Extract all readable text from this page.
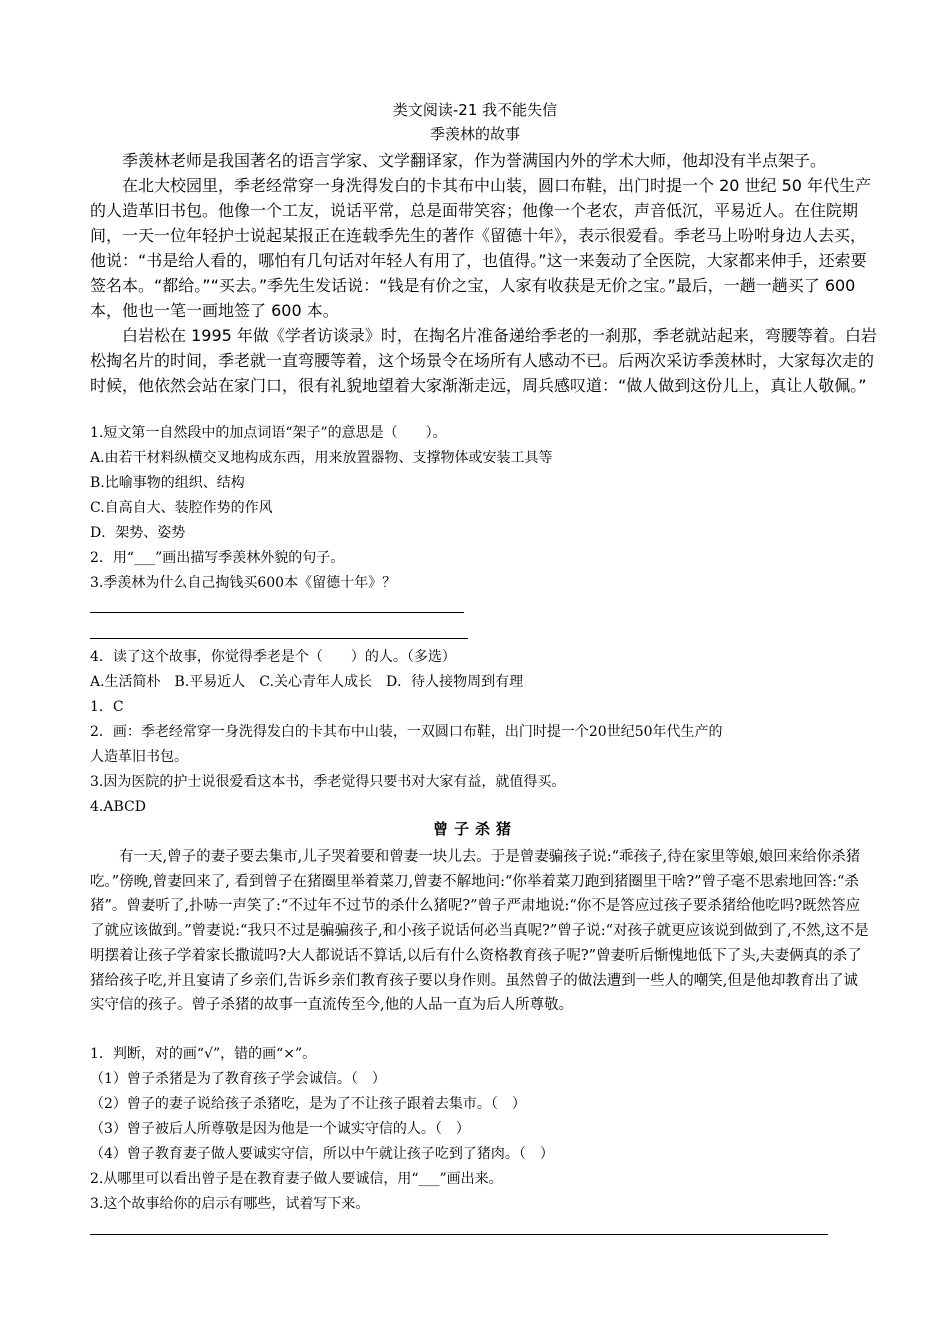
类文阅读-21 我不能失信
季羡林的故事

季羡林老师是我国著名的语言学家、文学翻译家，作为誉满国内外的学术大师，他却没有半点架子。

在北大校园里，季老经常穿一身洗得发白的卡其布中山装，圆口布鞋，出门时提一个 20 世纪 50 年代生产的人造革旧书包。他像一个工友，说话平常，总是面带笑容；他像一个老农，声音低沉，平易近人。在住院期间，一天一位年轻护士说起某报正在连载季先生的著作《留德十年》，表示很爱看。季老马上吩咐身边人去买，他说：“书是给人看的，哪怕有几句话对年轻人有用了，也值得。”这一来轰动了全医院，大家都来伸手，还索要签名本。“都给。”“买去。”季先生发话说：“钱是有价之宝，人家有收获是无价之宝。”最后，一趟一趟买了 600 本，他也一笔一画地签了 600 本。

白岩松在 1995 年做《学者访谈录》时，在掏名片准备递给季老的一刹那，季老就站起来，弯腰等着。白岩松掏名片的时间，季老就一直弯腰等着，这个场景令在场所有人感动不已。后两次采访季羡林时，大家每次走的时候，他依然会站在家门口，很有礼貌地望着大家渐渐走远，周兵感叹道：“做人做到这份儿上，真让人敬佩。”

1.短文第一自然段中的加点词语“架子”的意思是（　　）。
A.由若干材料纵横交叉地构成东西，用来放置器物、支撑物体或安装工具等
B.比喻事物的组织、结构
C.自高自大、装腔作势的作风
D．架势、姿势
2．用“___”画出描写季羡林外貌的句子。
3.季羡林为什么自己掏钱买600本《留德十年》？
4．读了这个故事，你觉得季老是个（　　）的人。（多选）
A.生活简朴　B.平易近人　C.关心青年人成长　D．待人接物周到有理
1．C
2．画：季老经常穿一身洗得发白的卡其布中山装，一双圆口布鞋，出门时提一个20世纪50年代生产的
人造革旧书包。
3.因为医院的护士说很爱看这本书，季老觉得只要书对大家有益，就值得买。
4.ABCD
曾子杀猪

有一天,曾子的妻子要去集市,儿子哭着要和曾妻一块儿去。于是曾妻骗孩子说:“乖孩子,待在家里等娘,娘回来给你杀猪吃。”傍晚,曾妻回来了, 看到曾子在猪圈里举着菜刀,曾妻不解地问:“你举着菜刀跑到猪圈里干啥?”曾子毫不思索地回答:“杀猪”。曾妻听了,扑哧一声笑了:“不过年不过节的杀什么猪呢?”曾子严肃地说:“你不是答应过孩子要杀猪给他吃吗?既然答应了就应该做到。”曾妻说:“我只不过是骗骗孩子,和小孩子说话何必当真呢?”曾子说:“对孩子就更应该说到做到了,不然,这不是明摆着让孩子学着家长撒谎吗?大人都说话不算话,以后有什么资格教育孩子呢?”曾妻听后惭愧地低下了头,夫妻俩真的杀了猪给孩子吃,并且宴请了乡亲们,告诉乡亲们教育孩子要以身作则。虽然曾子的做法遭到一些人的嘲笑,但是他却教育出了诚实守信的孩子。曾子杀猪的故事一直流传至今,他的人品一直为后人所尊敬。

1．判断，对的画“√”，错的画“×”。
（1）曾子杀猪是为了教育孩子学会诚信。（　）
（2）曾子的妻子说给孩子杀猪吃，是为了不让孩子跟着去集市。（　）
（3）曾子被后人所尊敬是因为他是一个诚实守信的人。（　）
（4）曾子教育妻子做人要诚实守信，所以中午就让孩子吃到了猪肉。（　）
2.从哪里可以看出曾子是在教育妻子做人要诚信，用“___”画出来。
3.这个故事给你的启示有哪些，试着写下来。
